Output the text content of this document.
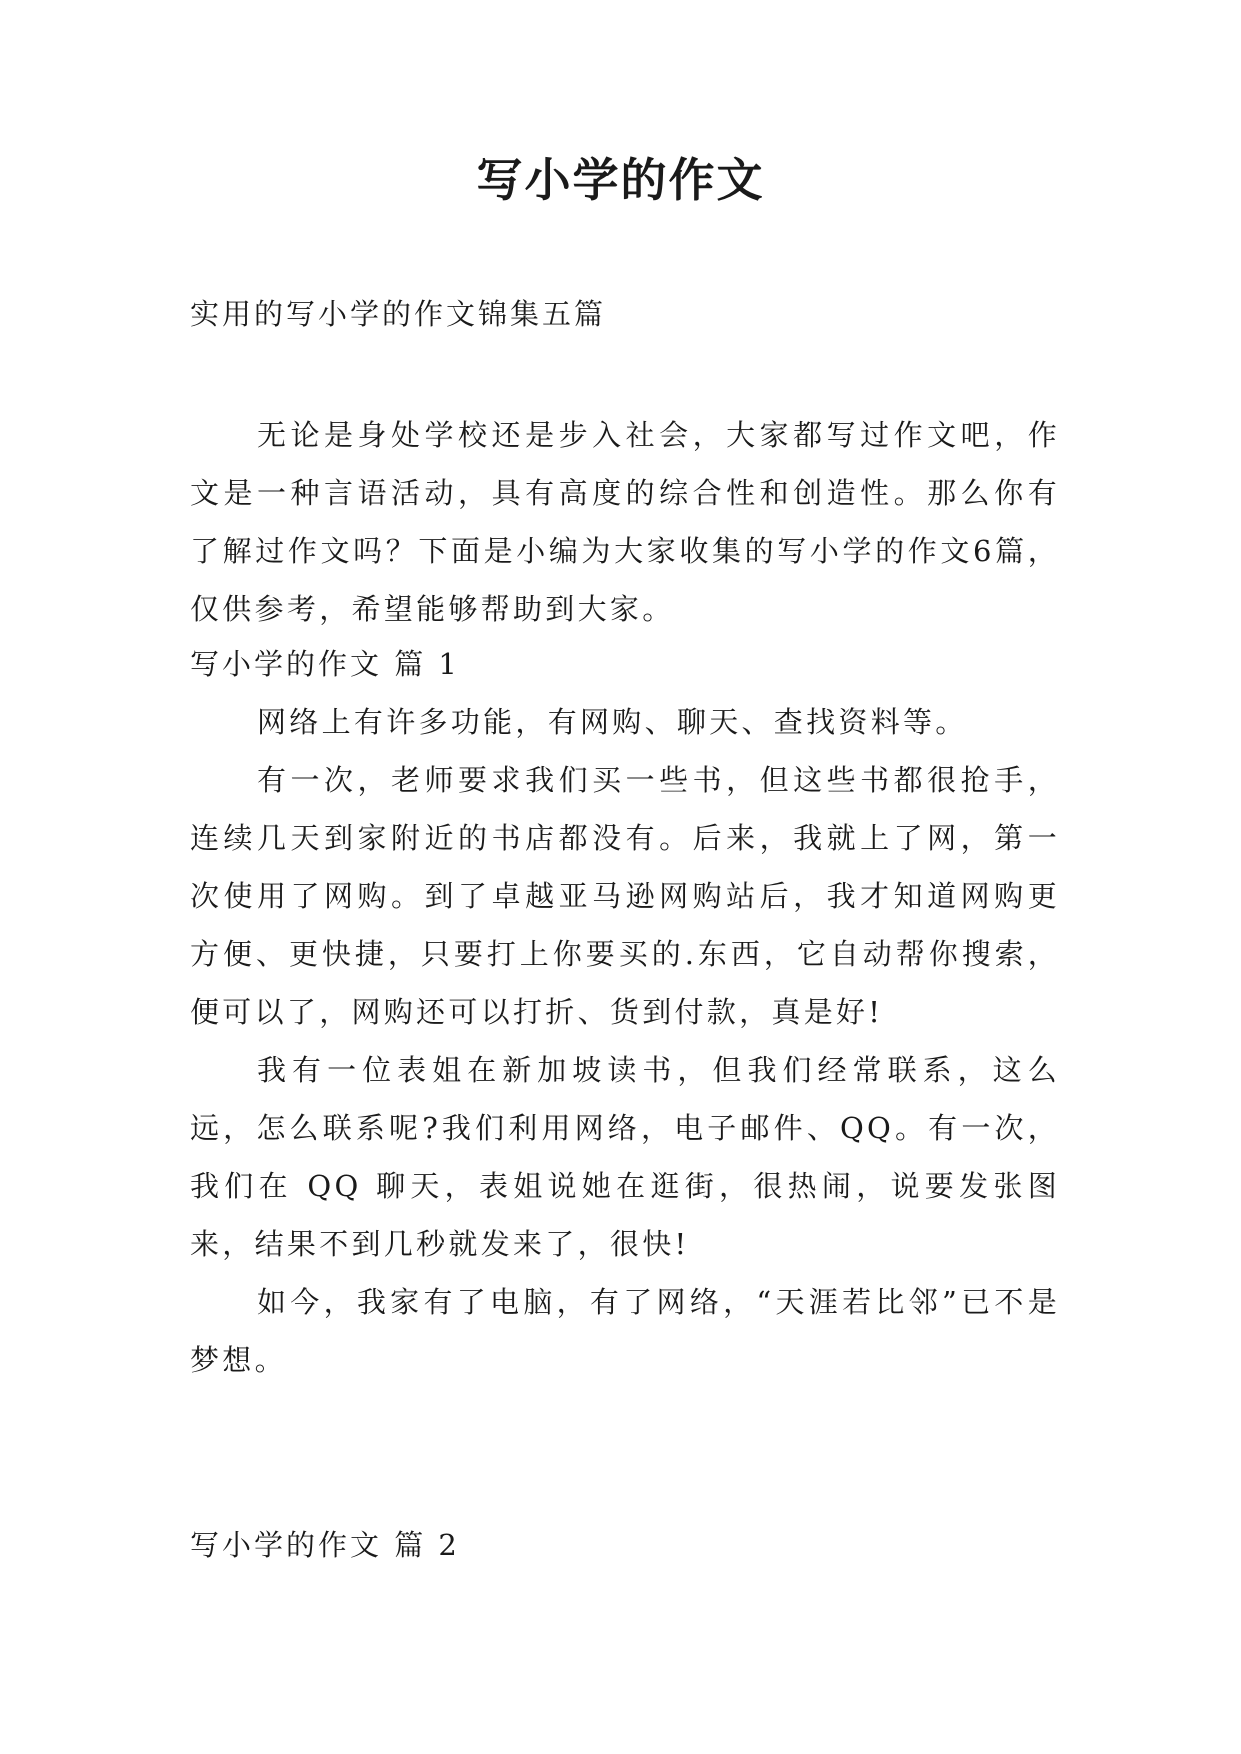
写小学的作文
实用的写小学的作文锦集五篇

无论是身处学校还是步入社会，大家都写过作文吧，作文是一种言语活动，具有高度的综合性和创造性。那么你有了解过作文吗？下面是小编为大家收集的写小学的作文6篇，仅供参考，希望能够帮助到大家。

写小学的作文 篇 1

网络上有许多功能，有网购、聊天、查找资料等。

有一次，老师要求我们买一些书，但这些书都很抢手，连续几天到家附近的书店都没有。后来，我就上了网，第一次使用了网购。到了卓越亚马逊网购站后，我才知道网购更方便、更快捷，只要打上你要买的.东西，它自动帮你搜索，便可以了，网购还可以打折、货到付款，真是好!

我有一位表姐在新加坡读书，但我们经常联系，这么远，怎么联系呢?我们利用网络，电子邮件、QQ。有一次，我们在 QQ 聊天，表姐说她在逛街，很热闹，说要发张图来，结果不到几秒就发来了，很快!

如今，我家有了电脑，有了网络，“天涯若比邻”已不是梦想。

写小学的作文 篇 2
